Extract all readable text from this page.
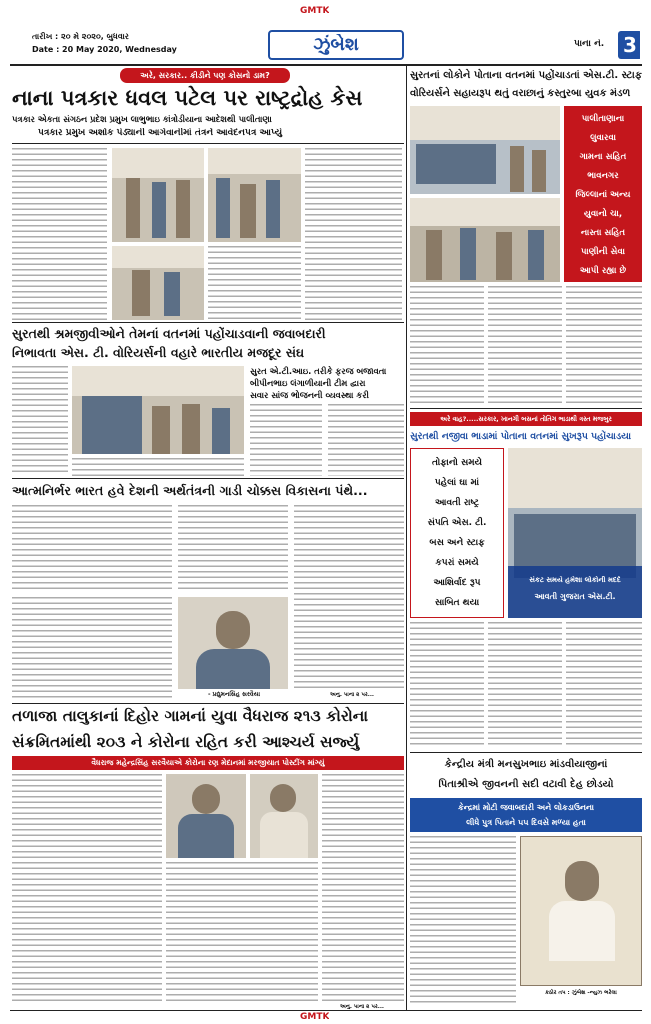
GMTK
તારીખ : ૨૦ મે ૨૦૨૦, બુધવાર
Date : 20 May 2020, Wednesday	ઝુંબેશ	પાના નં. 3
અરે, સરકાર.. કીડીને પણ કોસનો ડામ?
નાના પત્રકાર ધવલ પટેલ પર રાષ્ટ્રદ્રોહ કેસ
પત્રકાર એકતા સંગઠન પ્રદેશ પ્રમુખ લાભુભાઇ કાંત્રોડીયાના આદેશથી પાલીતાણા
પત્રકાર પ્રમુખ અશોક પંડ્યાની આગેવાનીમાં તંત્રને આવેદનપત્ર આપ્યું
સુરતથી શ્રમજીવીઓને તેમનાં વતનમાં પહોંચાડવાની જવાબદારી
નિભાવતા એસ. ટી. વોરિયર્સની વહારે ભારતીય મજદૂર સંઘ
સુરત એ.ટી.આઇ. તરીકે ફરજ બજાવતા
બીપીનભાઇ લંગાળીયાની ટીમ દ્વારા
સવાર સાંજ ભોજનની વ્યવસ્થા કરી
આત્મનિર્ભર ભારત હવે દેશની અર્થતંત્રની ગાડી ચોક્કસ વિકાસના પંથે...
- પ્રદ્યુમનસિંહ સરવૈયા	અનુ. પાના ૨ પર...
તળાજા તાલુકાનાં દિહોર ગામનાં યુવા વૈધરાજ ૨૧૩ કોરોના
સંક્રમિતમાંથી ૨૦૩ ને કોરોના રહિત કરી આશ્ચર્ય સર્જ્યુ
વૈધરાજ મહેન્દ્રસિંહ સરવૈયાએ કોરોના રણ મેદાનમાં મરજીયાત પોસ્ટીંગ માંગ્યું
અનુ. પાના ૨ પર...
સુરતનાં લોકોને પોતાના વતનમાં પહોંચાડતાં એસ.ટી. સ્ટાફ
વોરિયર્સને સહાયરૂપ થતું વરાછાનું કસ્તુરબા યુવક મંડળ
પાલીતાણાના
લુવારવા
ગામના સહિત
ભાવનગર
જિલ્લાનાં અન્ય
યુવાનો ચા,
નાસ્તા સહિત
પાણીની સેવા
આપી રહ્યા છે
અરે વાહ?.....સરકાર, ખાનગી બસનાં તોતિંગ ભાડાથી ત્રસ્ત મજબુર
સુરતથી નજીવા ભાડામાં પોતાના વતનમાં સુખરૂપ પહોંચાડયા
તોફાનો સમયે
પહેલાં ઘા માં
આવતી રાષ્ટ્ર
સંપતિ એસ. ટી.
બસ અને સ્ટાફ
કપરાં સમયે
આશિર્વાદ રૂપ
સાબિત થયા
સંકટ સમયે હમેશા લોકોની મદદે
આવતી ગુજરાત એસ.ટી.
કેન્દ્રીય મંત્રી મનસુખભાઇ માંડવીયાજીનાં
પિતાશ્રીએ જીવનની સદી વટાવી દેહ છોડયો
કેન્દ્રમાં મોટી જવાબદારી અને લોકડાઉનના
લીધે પુત્ર પિતાને ૫૫ દિવસે મળ્યા હતા
કઠોર તપ : ઝુંબેશ -ન્યુઝ ભરેલા
GMTK
